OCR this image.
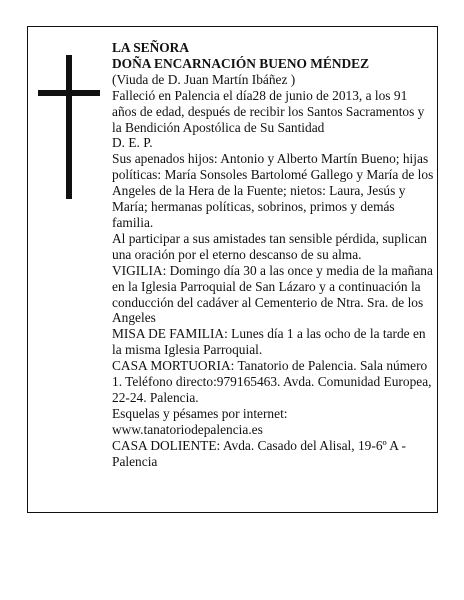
LA SEÑORA

DOÑA ENCARNACIÓN BUENO MÉNDEZ

(Viuda de D. Juan Martín Ibáñez )

Falleció en Palencia el día28 de junio de 2013, a los 91 años de edad, después de recibir los Santos Sacramentos y la Bendición Apostólica de Su Santidad

D. E. P.

Sus apenados hijos: Antonio y Alberto Martín Bueno; hijas políticas: María Sonsoles Bartolomé Gallego y María de los Angeles de la Hera de la Fuente; nietos: Laura, Jesús y María; hermanas políticas, sobrinos, primos y demás familia.

Al participar a sus amistades tan sensible pérdida, suplican una oración por el eterno descanso de su alma.

VIGILIA: Domingo día 30 a las once y media de la mañana en la Iglesia Parroquial de San Lázaro y a continuación la conducción del cadáver al Cementerio de Ntra. Sra. de los Angeles

MISA DE FAMILIA: Lunes día 1 a las ocho de la tarde en la misma Iglesia Parroquial.

CASA MORTUORIA: Tanatorio de Palencia. Sala número 1. Teléfono directo:979165463. Avda. Comunidad Europea, 22-24. Palencia.

Esquelas y pésames por internet:

www.tanatoriodepalencia.es

CASA DOLIENTE: Avda. Casado del Alisal, 19-6º A - Palencia
